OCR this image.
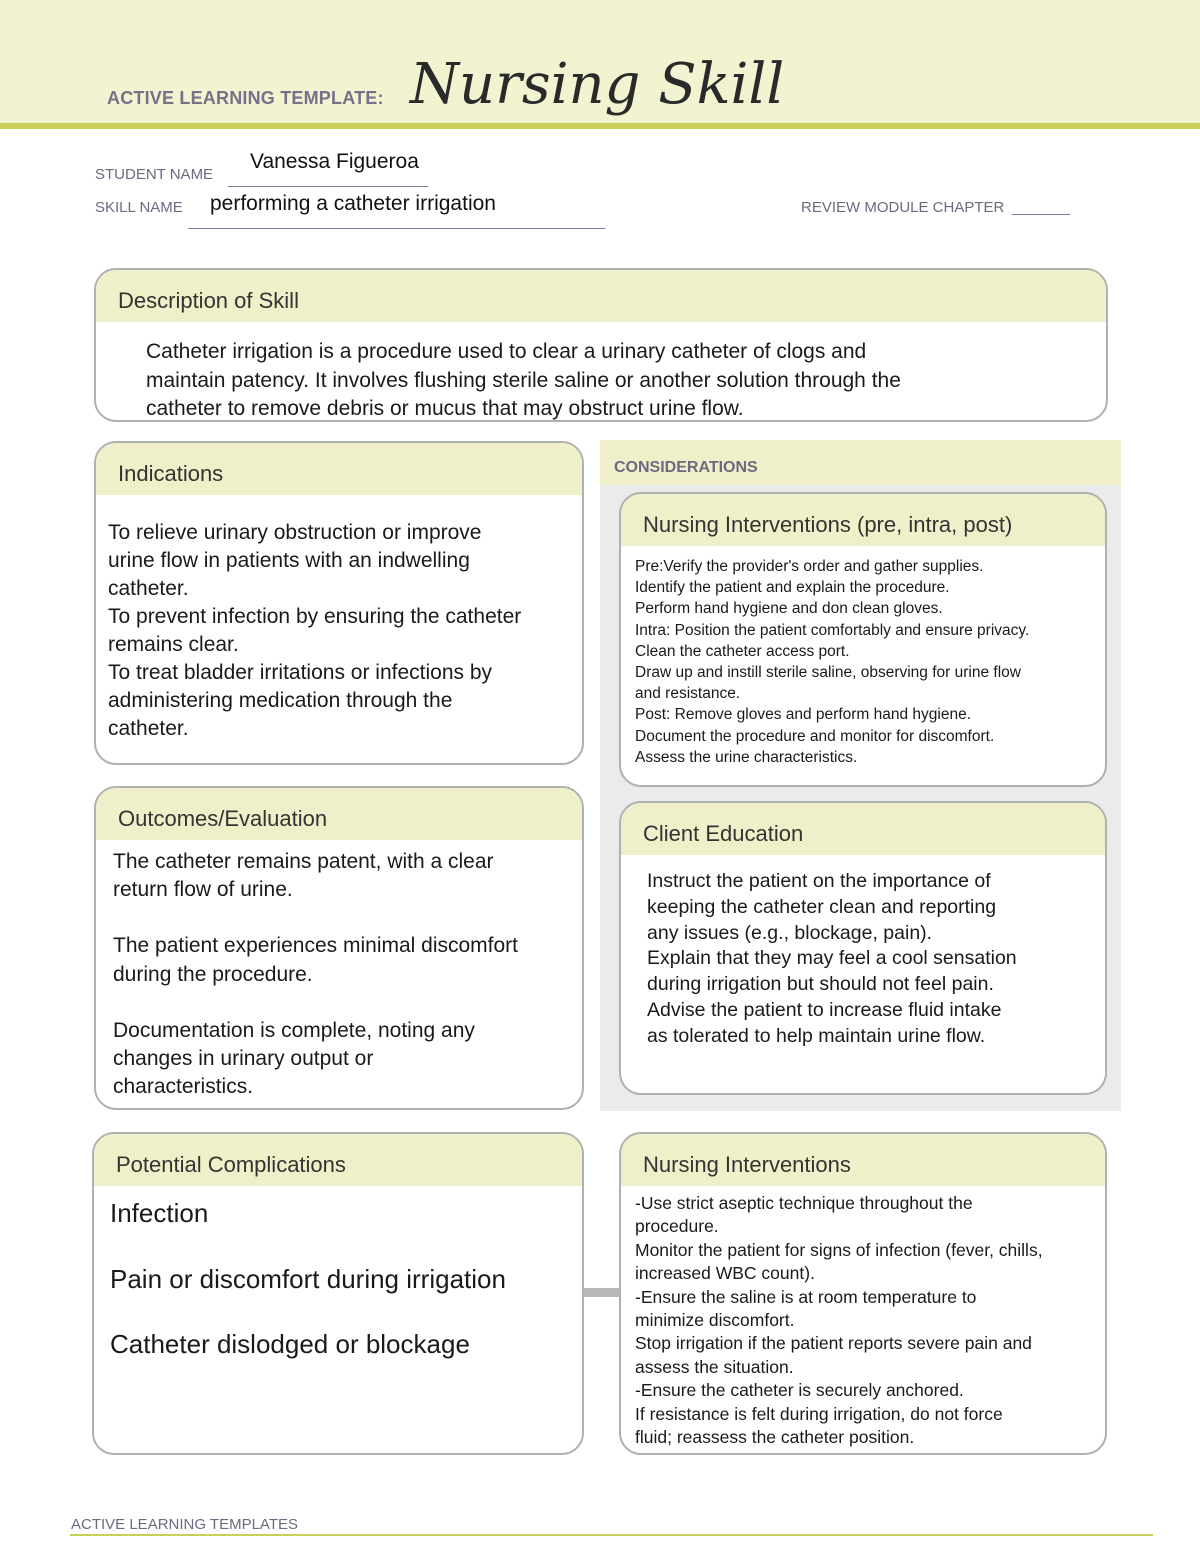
ACTIVE LEARNING TEMPLATE: Nursing Skill
STUDENT NAME
Vanessa Figueroa
________________________
SKILL NAME performing a catheter irrigation
__________________________________________________
REVIEW MODULE CHAPTER _______
Description of Skill
Catheter irrigation is a procedure used to clear a urinary catheter of clogs and
maintain patency. It involves flushing sterile saline or another solution through the
catheter to remove debris or mucus that may obstruct urine flow.
Indications
To relieve urinary obstruction or improve
urine flow in patients with an indwelling
catheter.
To prevent infection by ensuring the catheter
remains clear.
To treat bladder irritations or infections by
administering medication through the
catheter.
Outcomes/Evaluation
The catheter remains patent, with a clear
return flow of urine.
The patient experiences minimal discomfort
during the procedure.
Documentation is complete, noting any
changes in urinary output or
characteristics.
CONSIDERATIONS
Nursing Interventions (pre, intra, post)
Pre:Verify the provider's order and gather supplies.
Identify the patient and explain the procedure.
Perform hand hygiene and don clean gloves.
Intra: Position the patient comfortably and ensure privacy.
Clean the catheter access port.
Draw up and instill sterile saline, observing for urine flow
and resistance.
Post: Remove gloves and perform hand hygiene.
Document the procedure and monitor for discomfort.
Assess the urine characteristics.
Client Education
Instruct the patient on the importance of
keeping the catheter clean and reporting
any issues (e.g., blockage, pain).
Explain that they may feel a cool sensation
during irrigation but should not feel pain.
Advise the patient to increase fluid intake
as tolerated to help maintain urine flow.
Potential Complications
Infection
Pain or discomfort during irrigation
Catheter dislodged or blockage
Nursing Interventions
-Use strict aseptic technique throughout the
procedure.
Monitor the patient for signs of infection (fever, chills,
increased WBC count).
-Ensure the saline is at room temperature to
minimize discomfort.
Stop irrigation if the patient reports severe pain and
assess the situation.
-Ensure the catheter is securely anchored.
If resistance is felt during irrigation, do not force
fluid; reassess the catheter position.
ACTIVE LEARNING TEMPLATES
